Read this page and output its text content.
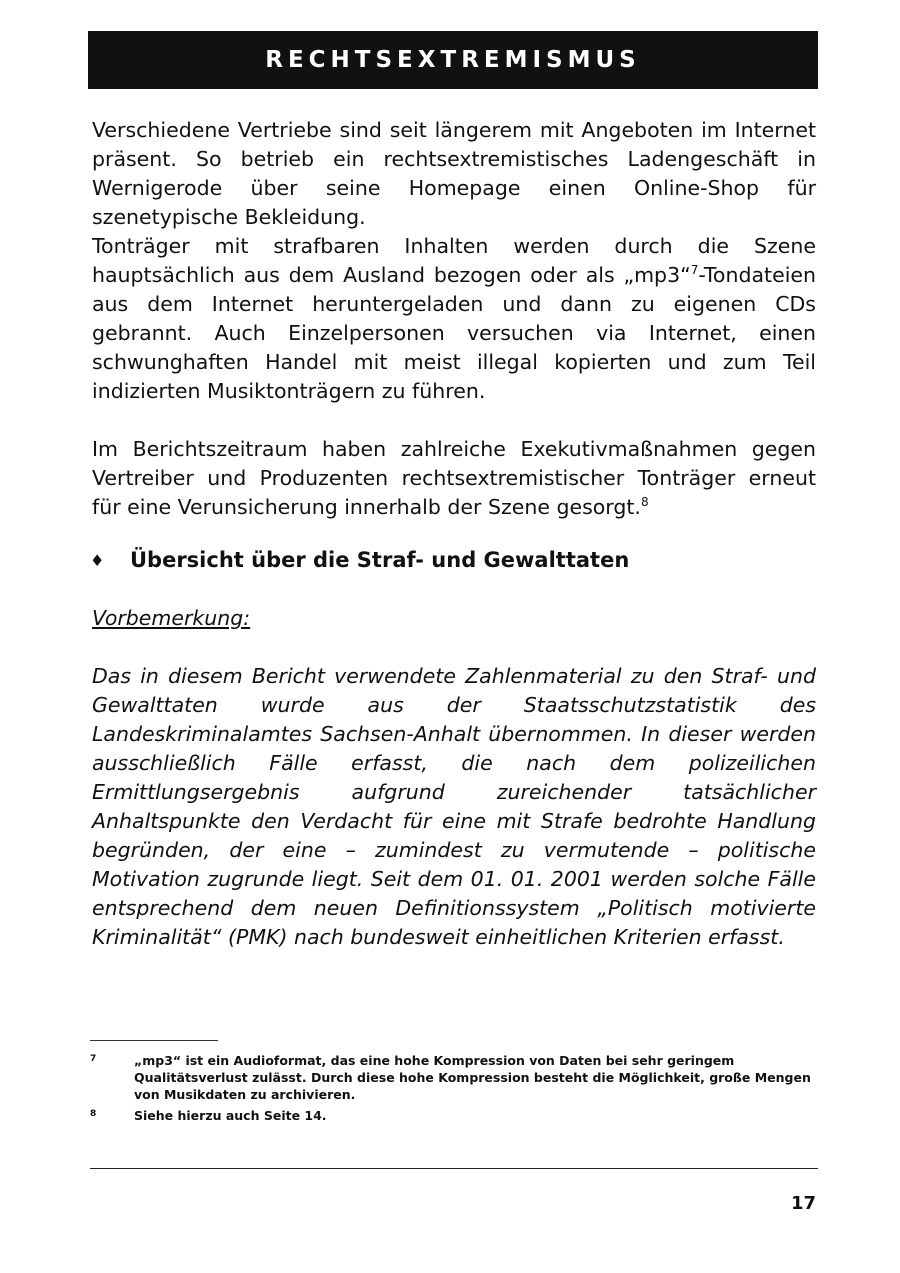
RECHTSEXTREMISMUS

Verschiedene Vertriebe sind seit längerem mit Angeboten im Internet präsent. So betrieb ein rechtsextremistisches Ladengeschäft in Wernigerode über seine Homepage einen Online-Shop für szenetypische Bekleidung.

Tonträger mit strafbaren Inhalten werden durch die Szene hauptsächlich aus dem Ausland bezogen oder als „mp3“$^7$-Tondateien aus dem Internet heruntergeladen und dann zu eigenen CDs gebrannt. Auch Einzelpersonen versuchen via Internet, einen schwunghaften Handel mit meist illegal kopierten und zum Teil indizierten Musiktonträgern zu führen.

Im Berichtszeitraum haben zahlreiche Exekutivmaßnahmen gegen Vertreiber und Produzenten rechtsextremistischer Tonträger erneut für eine Verunsicherung innerhalb der Szene gesorgt.$^8$

♦	Übersicht über die Straf- und Gewalttaten
Vorbemerkung:
Das in diesem Bericht verwendete Zahlenmaterial zu den Straf- und Gewalttaten wurde aus der Staatsschutzstatistik des Landeskriminalamtes Sachsen-Anhalt übernommen. In dieser werden ausschließlich Fälle erfasst, die nach dem polizeilichen Ermittlungsergebnis aufgrund zureichender tatsächlicher Anhaltspunkte den Verdacht für eine mit Strafe bedrohte Handlung begründen, der eine – zumindest zu vermutende – politische Motivation zugrunde liegt. Seit dem 01. 01. 2001 werden solche Fälle entsprechend dem neuen Definitionssystem „Politisch motivierte Kriminalität“ (PMK) nach bundesweit einheitlichen Kriterien erfasst.
7	„mp3“ ist ein Audioformat, das eine hohe Kompression von Daten bei sehr geringem Qualitätsverlust zulässt. Durch diese hohe Kompression besteht die Möglichkeit, große Mengen von Musikdaten zu archivieren.
8	Siehe hierzu auch Seite 14.
17
